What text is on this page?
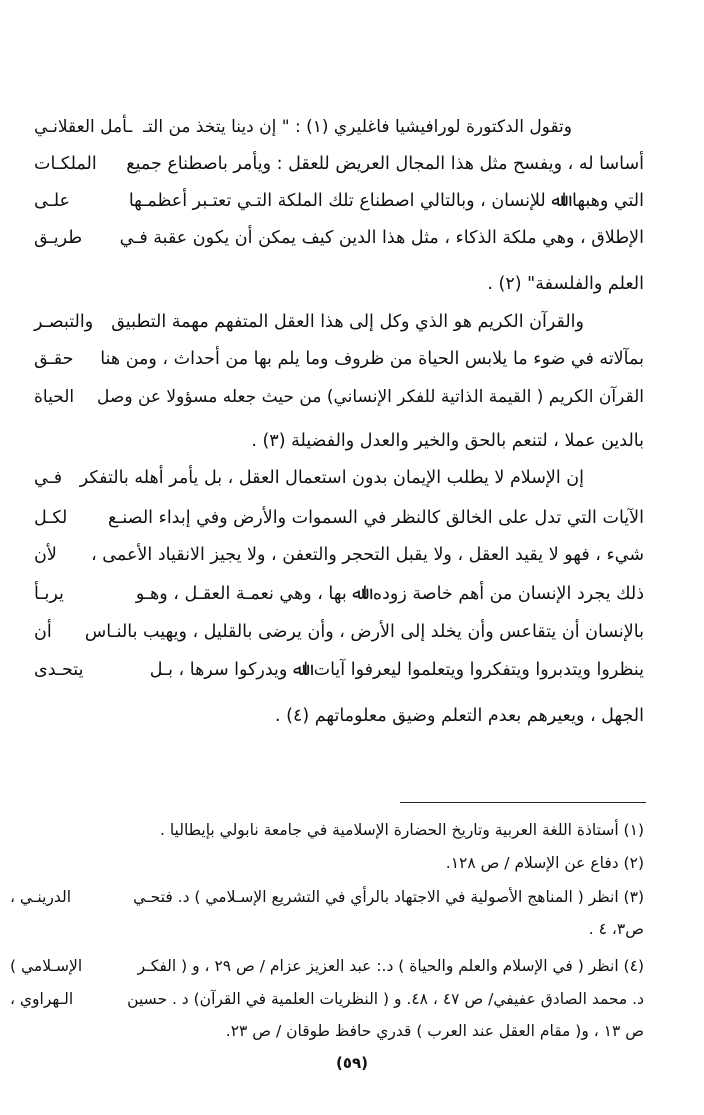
ﻭﺗﻘﻮﻝ ﺍﻟﺪﻛﺘﻮﺭﺓ ﻟﻮﺭﺍﻓﻴﺸﻴﺎ ﻓﺎﻏﻠﻴﺮﻱ (١) : " ﺇﻥ ﺩﻳﻨﺎ ﻳﺘﺨﺬ ﻣﻦ ﺍﻟﺘـ
ـﺄﻣﻞ ﺍﻟﻌﻘﻼﻧـﻲ
ﺃﺳﺎﺳﺎ ﻟﻪ ، ﻭﻳﻔﺴﺢ ﻣﺜﻞ ﻫﺬﺍ ﺍﻟﻤﺠﺎﻝ ﺍﻟﻌﺮﻳﺾ ﻟﻠﻌﻘﻞ : ﻭﻳﺄﻣﺮ ﺑﺎﺻﻄﻨﺎﻉ ﺟﻤﻴﻊ
ﺍﻟﻤﻠﻜـﺎﺕ
ﺍﻟﺘﻲ ﻭﻫﺒﻬﺎ ﺍﷲ ﻟﻺﻧﺴﺎﻥ ، ﻭﺑﺎﻟﺘﺎﻟﻲ ﺍﺻﻄﻨﺎﻉ ﺗﻠﻚ ﺍﻟﻤﻠﻜﺔ ﺍﻟﺘـﻲ ﺗﻌﺘـﺒﺮ ﺃﻋﻈﻤـﻬﺎ
ﻋﻠـﻰ
ﺍﻹﻃﻼﻕ ، ﻭﻫﻲ ﻣﻠﻜﺔ ﺍﻟﺬﻛﺎﺀ ، ﻣﺜﻞ ﻫﺬﺍ ﺍﻟﺪﻳﻦ ﻛﻴﻒ ﻳﻤﻜﻦ ﺃﻥ ﻳﻜﻮﻥ ﻋﻘﺒﺔ ﻓـﻲ
ﻃﺮﻳـﻖ
ﺍﻟﻌﻠﻢ ﻭﺍﻟﻔﻠﺴﻔﺔ" (٢) .
ﻭﺍﻟﻘﺮﺁﻥ ﺍﻟﻜﺮﻳﻢ ﻫﻮ ﺍﻟﺬﻱ ﻭﻛﻞ ﺇﻟﻰ ﻫﺬﺍ ﺍﻟﻌﻘﻞ ﺍﻟﻤﺘﻔﻬﻢ ﻣﻬﻤﺔ ﺍﻟﺘﻄﺒﻴﻖ
ﻭﺍﻟﺘﺒﺼـﺮ
ﺑﻤﺂﻻﺗﻪ ﻓﻲ ﺿﻮﺀ ﻣﺎ ﻳﻼﺑﺲ ﺍﻟﺤﻴﺎﺓ ﻣﻦ ﻇﺮﻭﻑ ﻭﻣﺎ ﻳﻠﻢ ﺑﻬﺎ ﻣﻦ ﺃﺣﺪﺍﺙ ، ﻭﻣﻦ ﻫﻨﺎ
ﺣﻘـﻖ
ﺍﻟﻘﺮﺁﻥ ﺍﻟﻜﺮﻳﻢ ( ﺍﻟﻘﻴﻤﺔ ﺍﻟﺬﺍﺗﻴﺔ ﻟﻠﻔﻜﺮ ﺍﻹﻧﺴﺎﻧﻲ) ﻣﻦ ﺣﻴﺚ ﺟﻌﻠﻪ ﻣﺴﺆﻭﻻ ﻋﻦ ﻭﺻﻞ
ﺍﻟﺤﻴﺎﺓ
ﺑﺎﻟﺪﻳﻦ ﻋﻤﻼ ، ﻟﺘﻨﻌﻢ ﺑﺎﻟﺤﻖ ﻭﺍﻟﺨﻴﺮ ﻭﺍﻟﻌﺪﻝ ﻭﺍﻟﻔﻀﻴﻠﺔ (٣) .
ﺇﻥ ﺍﻹﺳﻼﻡ ﻻ ﻳﻄﻠﺐ ﺍﻹﻳﻤﺎﻥ ﺑﺪﻭﻥ ﺍﺳﺘﻌﻤﺎﻝ ﺍﻟﻌﻘﻞ ، ﺑﻞ ﻳﺄﻣﺮ ﺃﻫﻠﻪ ﺑﺎﻟﺘﻔﻜﺮ
ﻓـﻲ
ﺍﻵﻳﺎﺕ ﺍﻟﺘﻲ ﺗﺪﻝ ﻋﻠﻰ ﺍﻟﺨﺎﻟﻖ ﻛﺎﻟﻨﻈﺮ ﻓﻲ ﺍﻟﺴﻤﻮﺍﺕ ﻭﺍﻷﺭﺽ ﻭﻓﻲ ﺇﺑﺪﺍﺀ ﺍﻟﺼﻨـﻊ
ﻟﻜـﻞ
ﺷﻲﺀ ، ﻓﻬﻮ ﻻ ﻳﻘﻴﺪ ﺍﻟﻌﻘﻞ ، ﻭﻻ ﻳﻘﺒﻞ ﺍﻟﺘﺤﺠﺮ ﻭﺍﻟﺘﻌﻔﻦ ، ﻭﻻ ﻳﺠﻴﺰ ﺍﻻﻧﻘﻴﺎﺩ ﺍﻷﻋﻤﻰ ،
ﻷﻥ
ﺫﻟﻚ ﻳﺠﺮﺩ ﺍﻹﻧﺴﺎﻥ ﻣﻦ ﺃﻫﻢ ﺧﺎﺻﺔ ﺯﻭﺩﻩ ﺍﷲ ﺑﻬﺎ ، ﻭﻫﻲ ﻧﻌﻤـﺔ ﺍﻟﻌﻘـﻞ ، ﻭﻫـﻮ
ﻳﺮﺑـﺄ
ﺑﺎﻹﻧﺴﺎﻥ ﺃﻥ ﻳﺘﻘﺎﻋﺲ ﻭﺃﻥ ﻳﺨﻠﺪ ﺇﻟﻰ ﺍﻷﺭﺽ ، ﻭﺃﻥ ﻳﺮﺿﻰ ﺑﺎﻟﻘﻠﻴﻞ ، ﻭﻳﻬﻴﺐ ﺑﺎﻟﻨـﺎﺱ
ﺃﻥ
ﻳﻨﻈﺮﻭﺍ ﻭﻳﺘﺪﺑﺮﻭﺍ ﻭﻳﺘﻔﻜﺮﻭﺍ ﻭﻳﺘﻌﻠﻤﻮﺍ ﻟﻴﻌﺮﻓﻮﺍ ﺁﻳﺎﺕ ﺍﷲ ﻭﻳﺪﺭﻛﻮﺍ ﺳﺮﻫﺎ ، ﺑـﻞ
ﻳﺘﺤـﺪﻯ
ﺍﻟﺠﻬﻞ ، ﻭﻳﻌﻴﺮﻫﻢ ﺑﻌﺪﻡ ﺍﻟﺘﻌﻠﻢ ﻭﺿﻴﻖ ﻣﻌﻠﻮﻣﺎﺗﻬﻢ (٤) .
(١) ﺃﺳﺘﺎﺫﺓ ﺍﻟﻠﻐﺔ ﺍﻟﻌﺮﺑﻴﺔ ﻭﺗﺎﺭﻳﺦ ﺍﻟﺤﻀﺎﺭﺓ ﺍﻹﺳﻼﻣﻴﺔ ﻓﻲ ﺟﺎﻣﻌﺔ ﻧﺎﺑﻮﻟﻲ ﺑﺈﻳﻄﺎﻟﻴﺎ .
(٢) ﺩﻓﺎﻉ ﻋﻦ ﺍﻹﺳﻼﻡ / ﺹ ١٢٨.
(٣) ﺍﻧﻈﺮ ( ﺍﻟﻤﻨﺎﻫﺞ ﺍﻷﺻﻮﻟﻴﺔ ﻓﻲ ﺍﻻﺟﺘﻬﺎﺩ ﺑﺎﻟﺮﺃﻱ ﻓﻲ ﺍﻟﺘﺸﺮﻳﻊ ﺍﻹﺳـﻼﻣﻲ ) ﺩ. ﻓﺘﺤـﻲ
ﺍﻟﺪﺭﻳﻨـﻲ ،
ﺹ٣، ٤ .
(٤) ﺍﻧﻈﺮ ( ﻓﻲ ﺍﻹﺳﻼﻡ ﻭﺍﻟﻌﻠﻢ ﻭﺍﻟﺤﻴﺎﺓ ) ﺩ.: ﻋﺒﺪ ﺍﻟﻌﺰﻳﺰ ﻋﺰﺍﻡ / ﺹ ٢٩ ، ﻭ ( ﺍﻟﻔﻜـﺮ
ﺍﻹﺳـﻼﻣﻲ )
ﺩ. ﻣﺤﻤﺪ ﺍﻟﺼﺎﺩﻕ ﻋﻔﻴﻔﻲ/ ﺹ ٤٧ ، ٤٨. ﻭ ( ﺍﻟﻨﻈﺮﻳﺎﺕ ﺍﻟﻌﻠﻤﻴﺔ ﻓﻲ ﺍﻟﻘﺮﺁﻥ) ﺩ . ﺣﺴﻴﻦ
ﺍﻟـﻬﺮﺍﻭﻱ ،
ﺹ ١٣ ، ﻭ( ﻣﻘﺎﻡ ﺍﻟﻌﻘﻞ ﻋﻨﺪ ﺍﻟﻌﺮﺏ ) ﻗﺪﺭﻱ ﺣﺎﻓﻆ ﻃﻮﻗﺎﻥ / ﺹ ٢٣.
(٥٩)
